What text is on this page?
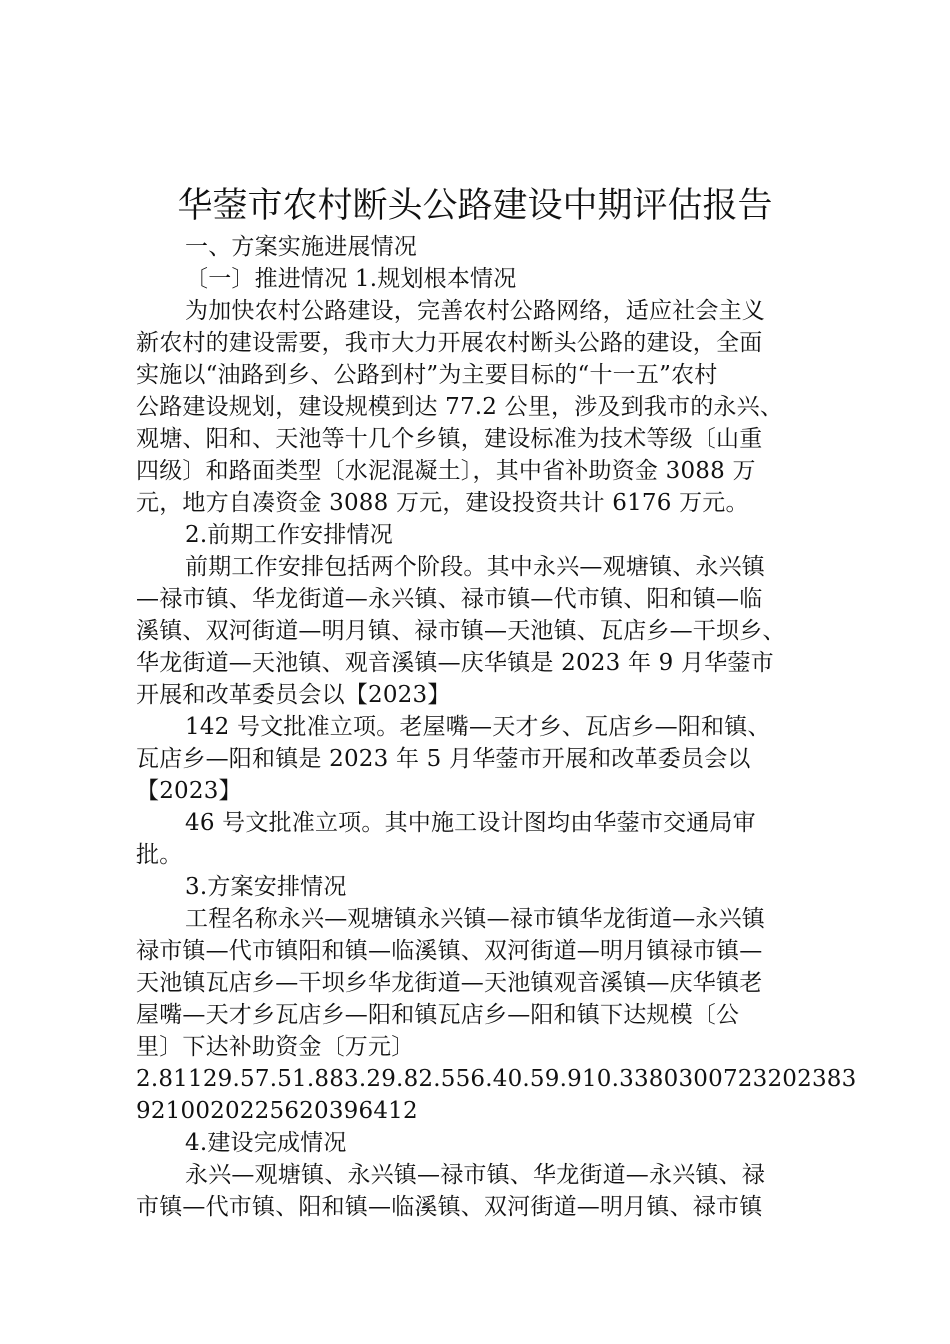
华蓥市农村断头公路建设中期评估报告
一、方案实施进展情况
〔一〕推进情况 1.规划根本情况
为加快农村公路建设，完善农村公路网络，适应社会主义
新农村的建设需要，我市大力开展农村断头公路的建设，全面
实施以“油路到乡、公路到村”为主要目标的“十一五”农村
公路建设规划，建设规模到达 77.2 公里，涉及到我市的永兴、
观塘、阳和、天池等十几个乡镇，建设标准为技术等级〔山重
四级〕和路面类型〔水泥混凝土〕，其中省补助资金 3088 万
元，地方自凑资金 3088 万元，建设投资共计 6176 万元。
2.前期工作安排情况
前期工作安排包括两个阶段。其中永兴—观塘镇、永兴镇
—禄市镇、华龙街道—永兴镇、禄市镇—代市镇、阳和镇—临
溪镇、双河街道—明月镇、禄市镇—天池镇、瓦店乡—干坝乡、
华龙街道—天池镇、观音溪镇—庆华镇是 2023 年 9 月华蓥市
开展和改革委员会以【2023】
142 号文批准立项。老屋嘴—天才乡、瓦店乡—阳和镇、
瓦店乡—阳和镇是 2023 年 5 月华蓥市开展和改革委员会以
【2023】
46 号文批准立项。其中施工设计图均由华蓥市交通局审
批。
3.方案安排情况
工程名称永兴—观塘镇永兴镇—禄市镇华龙街道—永兴镇
禄市镇—代市镇阳和镇—临溪镇、双河街道—明月镇禄市镇—
天池镇瓦店乡—干坝乡华龙街道—天池镇观音溪镇—庆华镇老
屋嘴—天才乡瓦店乡—阳和镇瓦店乡—阳和镇下达规模〔公
里〕下达补助资金〔万元〕
2.81129.57.51.883.29.82.556.40.59.910.3380300723202383
921002022562039641​2
4.建设完成情况
永兴—观塘镇、永兴镇—禄市镇、华龙街道—永兴镇、禄
市镇—代市镇、阳和镇—临溪镇、双河街道—明月镇、禄市镇
